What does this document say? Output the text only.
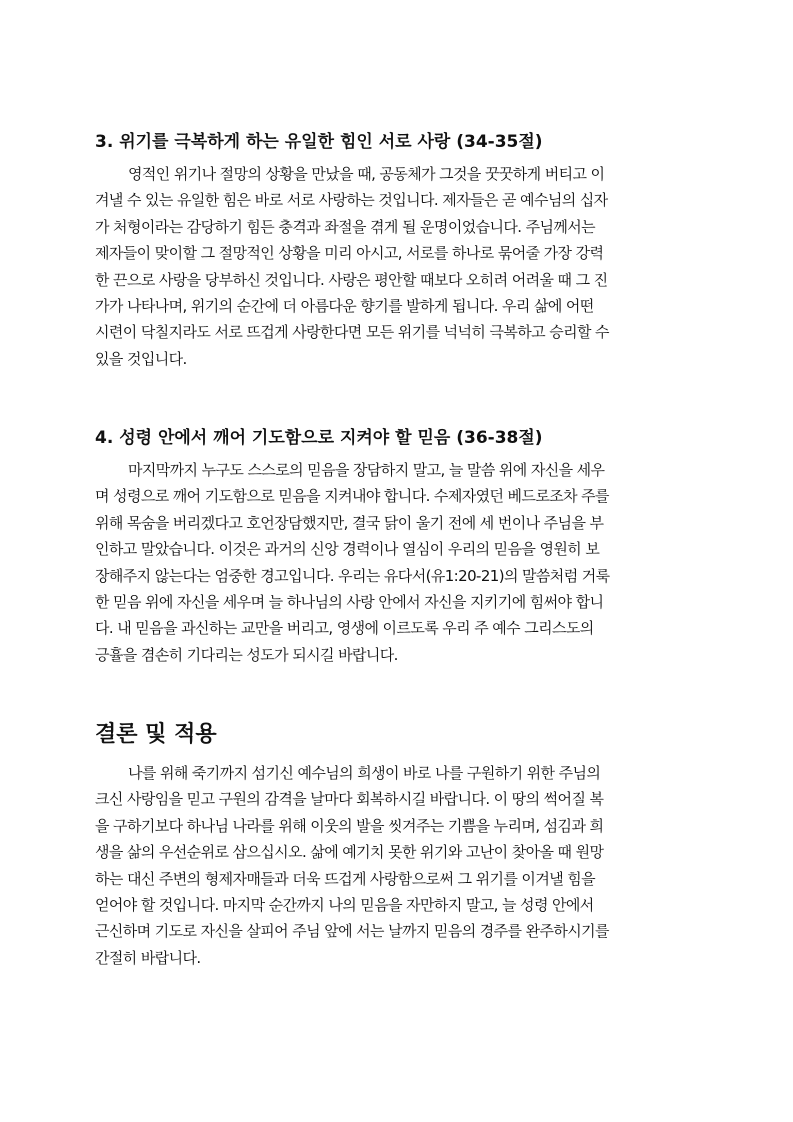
3. 위기를 극복하게 하는 유일한 힘인 서로 사랑 (34-35절)
영적인 위기나 절망의 상황을 만났을 때, 공동체가 그것을 꿋꿋하게 버티고 이
겨낼 수 있는 유일한 힘은 바로 서로 사랑하는 것입니다. 제자들은 곧 예수님의 십자
가 처형이라는 감당하기 힘든 충격과 좌절을 겪게 될 운명이었습니다. 주님께서는
제자들이 맞이할 그 절망적인 상황을 미리 아시고, 서로를 하나로 묶어줄 가장 강력
한 끈으로 사랑을 당부하신 것입니다. 사랑은 평안할 때보다 오히려 어려울 때 그 진
가가 나타나며, 위기의 순간에 더 아름다운 향기를 발하게 됩니다. 우리 삶에 어떤
시련이 닥칠지라도 서로 뜨겁게 사랑한다면 모든 위기를 넉넉히 극복하고 승리할 수
있을 것입니다.
4. 성령 안에서 깨어 기도함으로 지켜야 할 믿음 (36-38절)
마지막까지 누구도 스스로의 믿음을 장담하지 말고, 늘 말씀 위에 자신을 세우
며 성령으로 깨어 기도함으로 믿음을 지켜내야 합니다. 수제자였던 베드로조차 주를
위해 목숨을 버리겠다고 호언장담했지만, 결국 닭이 울기 전에 세 번이나 주님을 부
인하고 말았습니다. 이것은 과거의 신앙 경력이나 열심이 우리의 믿음을 영원히 보
장해주지 않는다는 엄중한 경고입니다. 우리는 유다서(유1:20-21)의 말씀처럼 거룩
한 믿음 위에 자신을 세우며 늘 하나님의 사랑 안에서 자신을 지키기에 힘써야 합니
다. 내 믿음을 과신하는 교만을 버리고, 영생에 이르도록 우리 주 예수 그리스도의
긍휼을 겸손히 기다리는 성도가 되시길 바랍니다.
결론 및 적용
나를 위해 죽기까지 섬기신 예수님의 희생이 바로 나를 구원하기 위한 주님의
크신 사랑임을 믿고 구원의 감격을 날마다 회복하시길 바랍니다. 이 땅의 썩어질 복
을 구하기보다 하나님 나라를 위해 이웃의 발을 씻겨주는 기쁨을 누리며, 섬김과 희
생을 삶의 우선순위로 삼으십시오. 삶에 예기치 못한 위기와 고난이 찾아올 때 원망
하는 대신 주변의 형제자매들과 더욱 뜨겁게 사랑함으로써 그 위기를 이겨낼 힘을
얻어야 할 것입니다. 마지막 순간까지 나의 믿음을 자만하지 말고, 늘 성령 안에서
근신하며 기도로 자신을 살피어 주님 앞에 서는 날까지 믿음의 경주를 완주하시기를
간절히 바랍니다.
